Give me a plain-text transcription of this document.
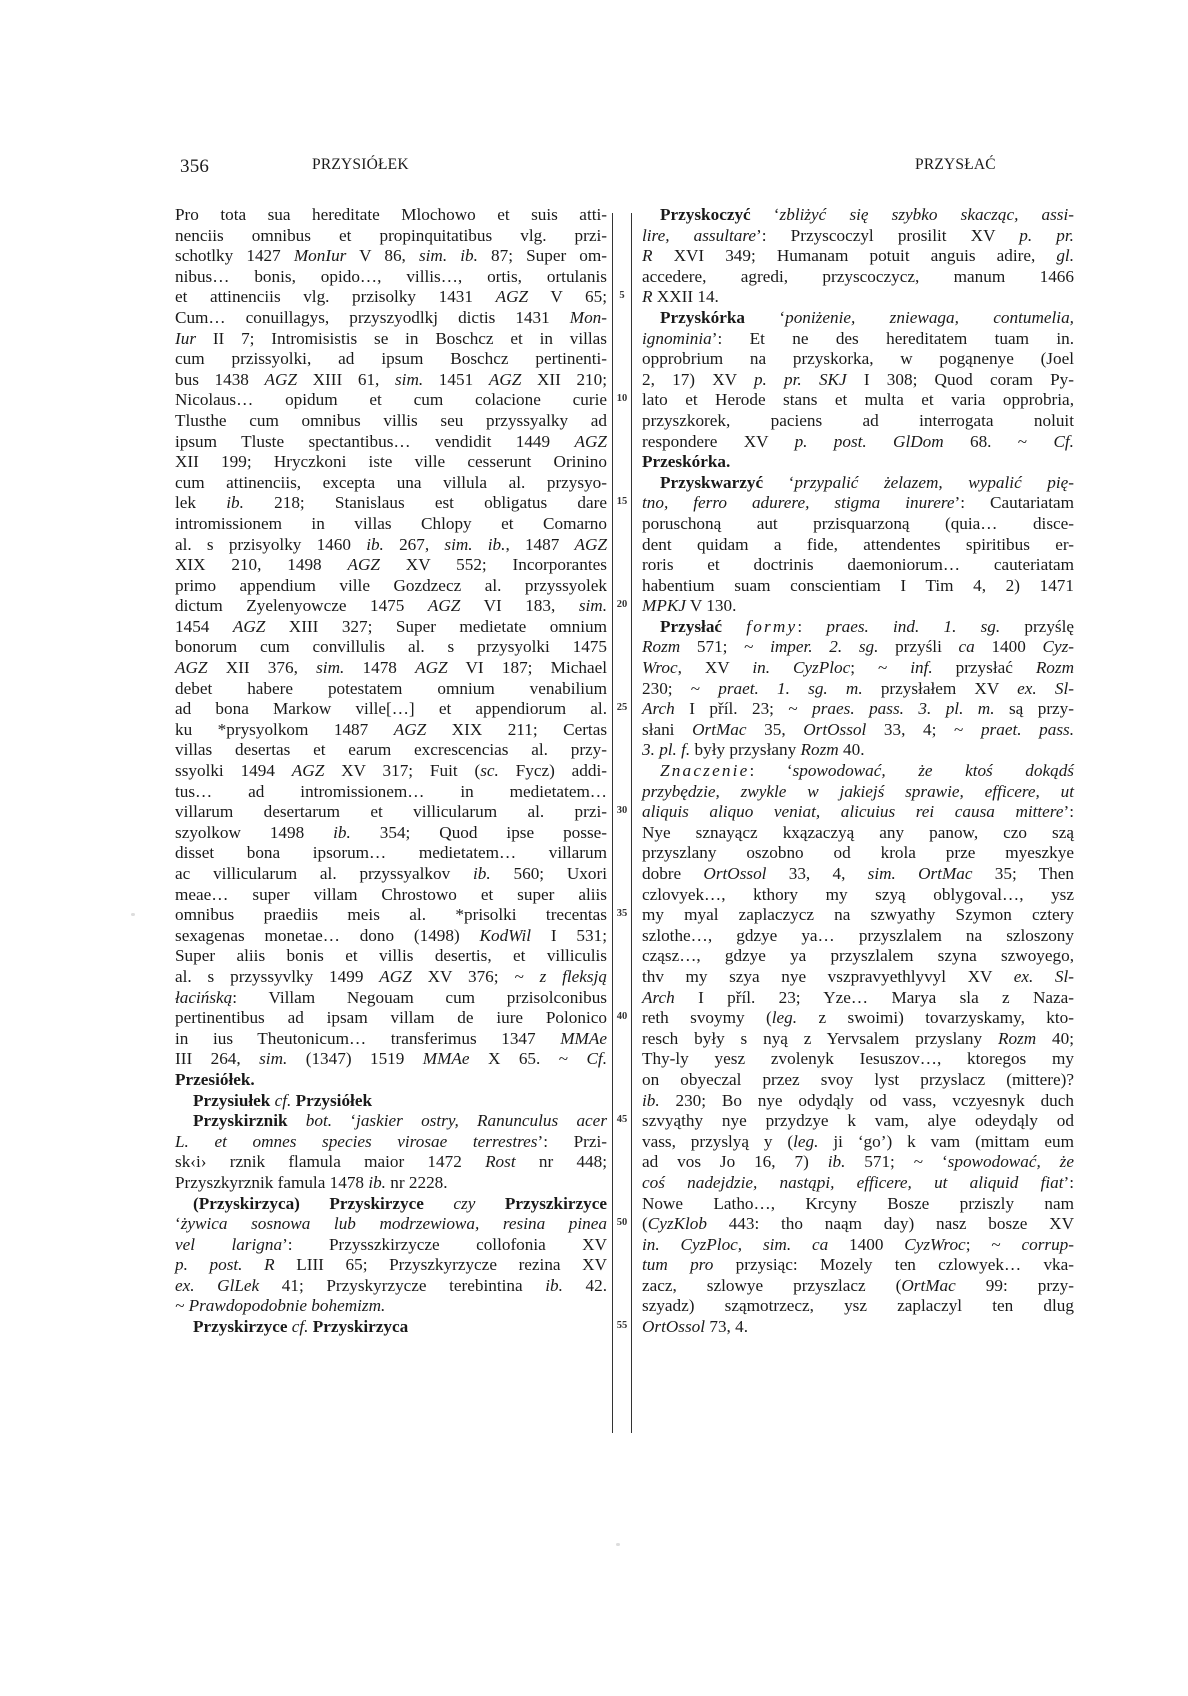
356	PRZYSIÓŁEK	PRZYSŁAĆ
Pro tota sua hereditate Mlochowo et suis atti-
nenciis omnibus et propinquitatibus vlg. przi-
schotlky 1427 MonIur V 86, sim. ib. 87; Super om-
nibus… bonis, opido…, villis…, ortis, ortulanis
et attinenciis vlg. przisolky 1431 AGZ V 65;
Cum… conuillagys, przyszyodlkj dictis 1431 Mon-
Iur II 7; Intromisistis se in Boschcz et in villas
cum przissyolki, ad ipsum Boschcz pertinenti-
bus 1438 AGZ XIII 61, sim. 1451 AGZ XII 210;
Nicolaus… opidum et cum colacione curie
Tlusthe cum omnibus villis seu przyssyalky ad
ipsum Tluste spectantibus… vendidit 1449 AGZ
XII 199; Hryczkoni iste ville cesserunt Orinino
cum attinenciis, excepta una villula al. przysyo-
lek ib. 218; Stanislaus est obligatus dare
intromissionem in villas Chlopy et Comarno
al. s przisyolky 1460 ib. 267, sim. ib., 1487 AGZ
XIX 210, 1498 AGZ XV 552; Incorporantes
primo appendium ville Gozdzecz al. przyssyolek
dictum Zyelenyowcze 1475 AGZ VI 183, sim.
1454 AGZ XIII 327; Super medietate omnium
bonorum cum convillulis al. s przysyolki 1475
AGZ XII 376, sim. 1478 AGZ VI 187; Michael
debet habere potestatem omnium venabilium
ad bona Markow ville[…] et appendiorum al.
ku *prysyolkom 1487 AGZ XIX 211; Certas
villas desertas et earum excrescencias al. przy-
ssyolki 1494 AGZ XV 317; Fuit (sc. Fycz) addi-
tus… ad intromissionem… in medietatem…
villarum desertarum et villicularum al. przi-
szyolkow 1498 ib. 354; Quod ipse posse-
disset bona ipsorum… medietatem… villarum
ac villicularum al. przyssyalkov ib. 560; Uxori
meae… super villam Chrostowo et super aliis
omnibus praediis meis al. *prisolki trecentas
sexagenas monetae… dono (1498) KodWil I 531;
Super aliis bonis et villis desertis, et villiculis
al. s przyssyvlky 1499 AGZ XV 376; ~ z fleksją
łacińską: Villam Negouam cum przisolconibus
pertinentibus ad ipsam villam de iure Polonico
in ius Theutonicum… transferimus 1347 MMAe
III 264, sim. (1347) 1519 MMAe X 65. ~ Cf.
Przesiółek.
Przysiułek cf. Przysiółek
Przyskirznik bot. ‘jaskier ostry, Ranunculus acer
L. et omnes species virosae terrestres’: Przi-
sk‹i› rznik flamula maior 1472 Rost nr 448;
Przyszkyrznik famula 1478 ib. nr 2228.
(Przyskirzyca) Przyskirzyce czy Przyszkirzyce
‘żywica sosnowa lub modrzewiowa, resina pinea
vel larigna’: Przysszkirzycze collofonia XV
p. post. R LIII 65; Przyszkyrzycze rezina XV
ex. GlLek 41; Przyskyrzycze terebintina ib. 42.
~ Prawdopodobnie bohemizm.
Przyskirzyce cf. Przyskirzyca
5
10
15
20
25
30
35
40
45
50
55
Przyskoczyć ‘zbliżyć się szybko skacząc, assi-
lire, assultare’: Przyscoczyl prosilit XV p. pr.
R XVI 349; Humanam potuit anguis adire, gl.
accedere, agredi, przyscoczycz, manum 1466
R XXII 14.
Przyskórka ‘poniżenie, zniewaga, contumelia,
ignominia’: Et ne des hereditatem tuam in.
opprobrium na przyskorka, w pogąnenye (Joel
2, 17) XV p. pr. SKJ I 308; Quod coram Py-
lato et Herode stans et multa et varia opprobria,
przyszkorek, paciens ad interrogata noluit
respondere XV p. post. GlDom 68. ~ Cf.
Przeskórka.
Przyskwarzyć ‘przypalić żelazem, wypalić pię-
tno, ferro adurere, stigma inurere’: Cautariatam
poruschoną aut przisquarzoną (quia… disce-
dent quidam a fide, attendentes spiritibus er-
roris et doctrinis daemoniorum… cauteriatam
habentium suam conscientiam I Tim 4, 2) 1471
MPKJ V 130.
Przysłać formy: praes. ind. 1. sg. przyślę
Rozm 571; ~ imper. 2. sg. przyśli ca 1400 Cyz-
Wroc, XV in. CyzPloc; ~ inf. przysłać Rozm
230; ~ praet. 1. sg. m. przysłałem XV ex. Sl-
Arch I příl. 23; ~ praes. pass. 3. pl. m. są przy-
słani OrtMac 35, OrtOssol 33, 4; ~ praet. pass.
3. pl. f. były przysłany Rozm 40.
Znaczenie: ‘spowodować, że ktoś dokądś
przybędzie, zwykle w jakiejś sprawie, efficere, ut
aliquis aliquo veniat, alicuius rei causa mittere’:
Nye sznayącz kxązaczyą any panow, czo szą
przyszlany oszobno od krola prze myeszkye
dobre OrtOssol 33, 4, sim. OrtMac 35; Then
czlovyek…, kthory my szyą oblygoval…, ysz
my myal zaplaczycz na szwyathy Szymon cztery
szlothe…, gdzye ya… przyszlalem na szloszony
cząsz…, gdzye ya przyszlalem szyna szwoyego,
thv my szya nye vszpravyethlyvyl XV ex. Sl-
Arch I příl. 23; Yze… Marya sla z Naza-
reth svoymy (leg. z swoimi) tovarzyskamy, kto-
resch były s nyą z Yervsalem przyslany Rozm 40;
Thy-ly yesz zvolenyk Iesuszov…, ktoregos my
on obyeczal przez svoy lyst przyslacz (mittere)?
ib. 230; Bo nye odydąly od vass, vczyesnyk duch
szvyąthy nye przydzye k vam, alye odeydąly od
vass, przyslyą y (leg. ji ‘go’) k vam (mittam eum
ad vos Jo 16, 7) ib. 571; ~ ‘spowodować, że
coś nadejdzie, nastąpi, efficere, ut aliquid fiat’:
Nowe Latho…, Krcyny Bosze prziszly nam
(CyzKlob 443: tho naąm day) nasz bosze XV
in. CyzPloc, sim. ca 1400 CyzWroc; ~ corrup-
tum pro przysiąc: Mozely ten czlowyek… vka-
zacz, szlowye przyszlacz (OrtMac 99: przy-
szyadz) sząmotrzecz, ysz zaplaczyl ten dlug
OrtOssol 73, 4.
